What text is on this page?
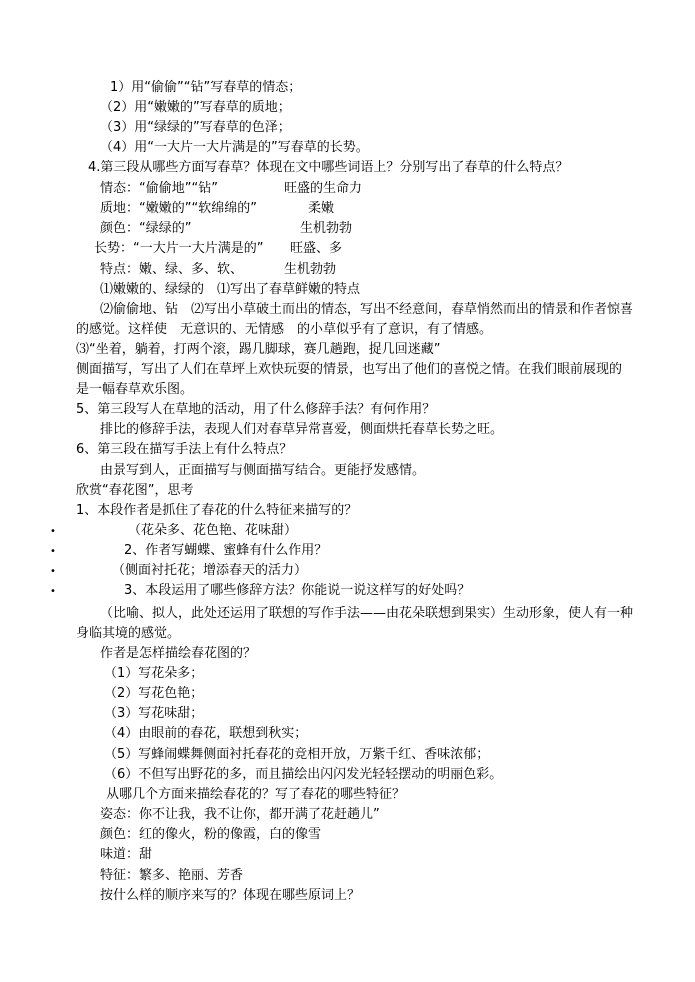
1）用“偷偷”“钻”写春草的情态；
（2）用“嫩嫩的”写春草的质地；
（3）用“绿绿的”写春草的色泽；
（4）用“一大片一大片满是的”写春草的长势。
4.第三段从哪些方面写春草？体现在文中哪些词语上？分别写出了春草的什么特点？
情态：“偷偷地”“钻”	旺盛的生命力
质地：“嫩嫩的”“软绵绵的”	柔嫩
颜色：“绿绿的”	生机勃勃
长势：“一大片一大片满是的” 旺盛、多
特点：嫩、绿、多、软、	生机勃勃
⑴嫩嫩的、绿绿的　⑴写出了春草鲜嫩的特点
⑵偷偷地、钻　⑵写出小草破土而出的情态，写出不经意间，春草悄然而出的情景和作者惊喜
的感觉。这样使　无意识的、无情感　的小草似乎有了意识，有了情感。
⑶“坐着，躺着，打两个滚，踢几脚球，赛几趟跑，捉几回迷藏”
侧面描写，写出了人们在草坪上欢快玩耍的情景，也写出了他们的喜悦之情。在我们眼前展现的
是一幅春草欢乐图。
5、第三段写人在草地的活动，用了什么修辞手法？有何作用？
排比的修辞手法，表现人们对春草异常喜爱，侧面烘托春草长势之旺。
6、第三段在描写手法上有什么特点？
由景写到人，正面描写与侧面描写结合。更能抒发感情。
欣赏“春花图”，思考
1、本段作者是抓住了春花的什么特征来描写的？
•	（花朵多、花色艳、花味甜）
•	2、作者写蝴蝶、蜜蜂有什么作用？
•	（侧面衬托花；增添春天的活力）
•	3、本段运用了哪些修辞方法？你能说一说这样写的好处吗？
（比喻、拟人，此处还运用了联想的写作手法——由花朵联想到果实）生动形象，使人有一种
身临其境的感觉。
作者是怎样描绘春花图的？
（1）写花朵多；
（2）写花色艳；
（3）写花味甜；
（4）由眼前的春花，联想到秋实；
（5）写蜂闹蝶舞侧面衬托春花的竞相开放，万紫千红、香味浓郁；
（6）不但写出野花的多，而且描绘出闪闪发光轻轻摆动的明丽色彩。
从哪几个方面来描绘春花的？写了春花的哪些特征？
姿态：你不让我，我不让你，都开满了花赶趟儿”
颜色：红的像火，粉的像霞，白的像雪
味道：甜
特征：繁多、艳丽、芳香
按什么样的顺序来写的？体现在哪些原词上？
